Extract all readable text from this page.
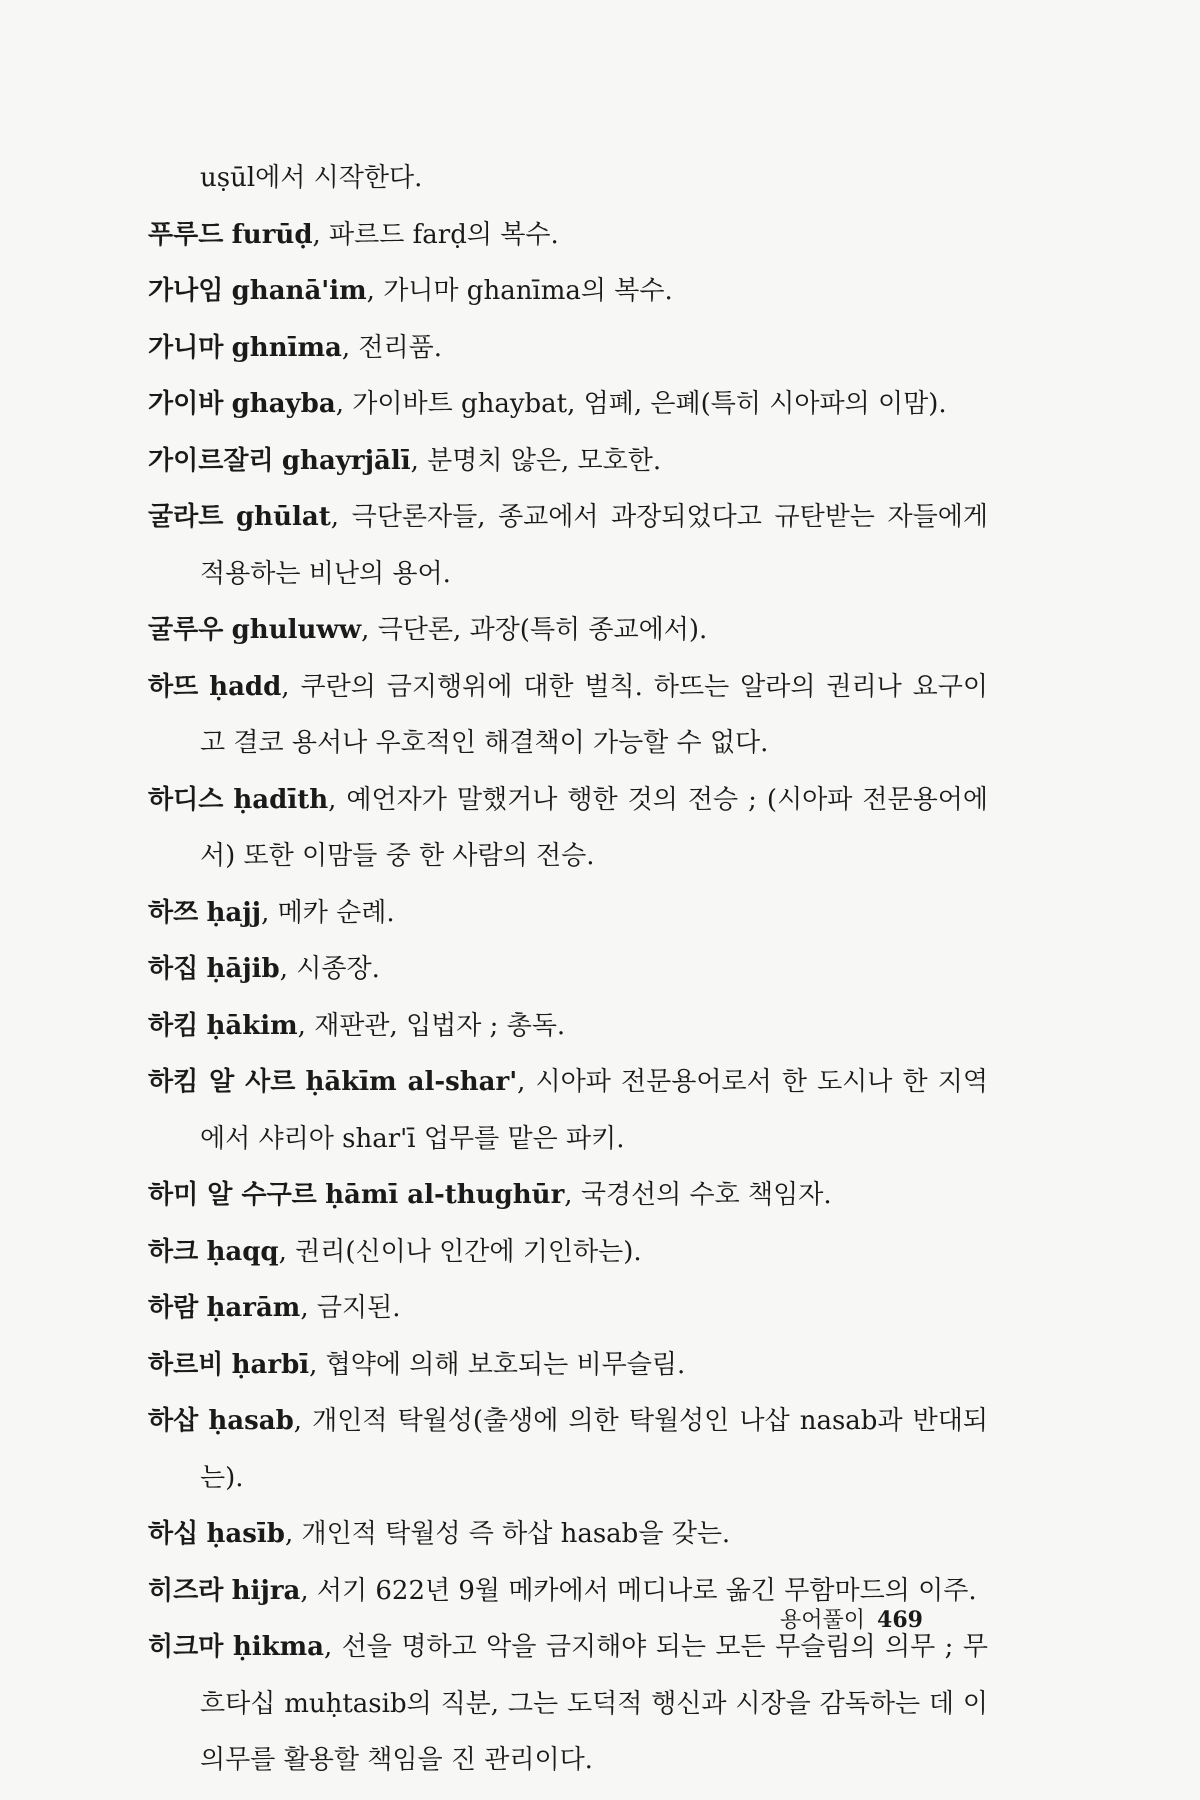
uṣūl에서 시작한다.

푸루드 furūḍ, 파르드 farḍ의 복수.

가나임 ghanā'im, 가니마 ghanīma의 복수.

가니마 ghnīma, 전리품.

가이바 ghayba, 가이바트 ghaybat, 엄폐, 은폐(특히 시아파의 이맘).

가이르잘리 ghayrjālī, 분명치 않은, 모호한.

굴라트 ghūlat, 극단론자들, 종교에서 과장되었다고 규탄받는 자들에게 적용하는 비난의 용어.

굴루우 ghuluww, 극단론, 과장(특히 종교에서).

하뜨 ḥadd, 쿠란의 금지행위에 대한 벌칙. 하뜨는 알라의 권리나 요구이고 결코 용서나 우호적인 해결책이 가능할 수 없다.

하디스 ḥadīth, 예언자가 말했거나 행한 것의 전승 ; (시아파 전문용어에서) 또한 이맘들 중 한 사람의 전승.

하쯔 ḥajj, 메카 순례.

하집 ḥājib, 시종장.

하킴 ḥākim, 재판관, 입법자 ; 총독.

하킴 알 사르 ḥākīm al-shar', 시아파 전문용어로서 한 도시나 한 지역에서 샤리아 shar'ī 업무를 맡은 파키.

하미 알 수구르 ḥāmī al-thughūr, 국경선의 수호 책임자.

하크 ḥaqq, 권리(신이나 인간에 기인하는).

하람 ḥarām, 금지된.

하르비 ḥarbī, 협약에 의해 보호되는 비무슬림.

하삽 ḥasab, 개인적 탁월성(출생에 의한 탁월성인 나삽 nasab과 반대되는).

하십 ḥasīb, 개인적 탁월성 즉 하삽 hasab을 갖는.

히즈라 hijra, 서기 622년 9월 메카에서 메디나로 옮긴 무함마드의 이주.

히크마 ḥikma, 선을 명하고 악을 금지해야 되는 모든 무슬림의 의무 ; 무흐타십 muḥtasib의 직분, 그는 도덕적 행신과 시장을 감독하는 데 이 의무를 활용할 책임을 진 관리이다.

용어풀이 469
